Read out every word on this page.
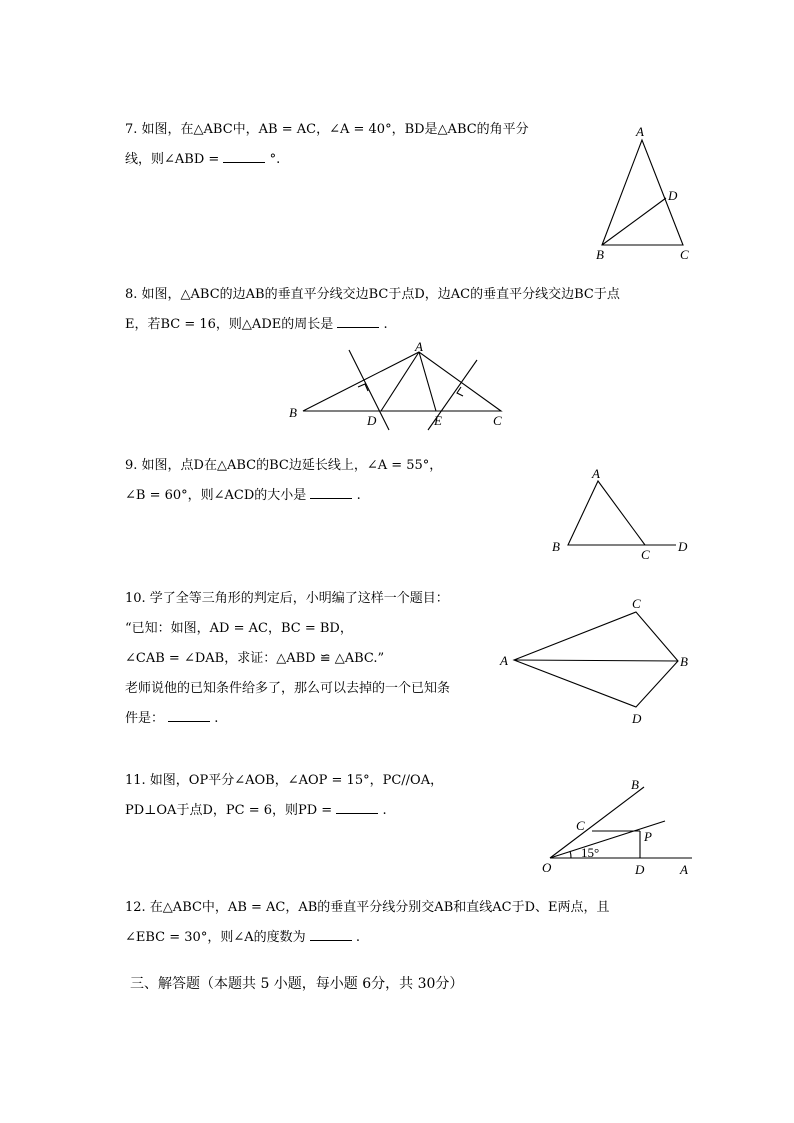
7. 如图，在△ABC中，AB = AC，∠A = 40°，BD是△ABC的角平分
线，则∠ABD =	°.
A
D
B	C
8. 如图，△ABC的边AB的垂直平分线交边BC于点D，边AC的垂直平分线交边BC于点
E，若BC = 16，则△ADE的周长是	.
A
B
D	E	C
9. 如图，点D在△ABC的BC边延长线上，∠A = 55°，
∠B = 60°，则∠ACD的大小是	.
A
B
C
D
10. 学了全等三角形的判定后，小明编了这样一个题目：
“已知：如图，AD = AC，BC = BD，
∠CAB = ∠DAB，求证：△ABD ≌ △ABC.”
老师说他的已知条件给多了，那么可以去掉的一个已知条
件是：	.
A
C
B
D
11. 如图，OP平分∠AOB，∠AOP = 15°，PC//OA，
PD⊥OA于点D，PC = 6，则PD =	.
B
C
P
15°
O	D	A
12. 在△ABC中，AB = AC，AB的垂直平分线分别交AB和直线AC于D、E两点，且
∠EBC = 30°，则∠A的度数为	.
三、解答题（本题共 5 小题，每小题 6分，共 30分）
